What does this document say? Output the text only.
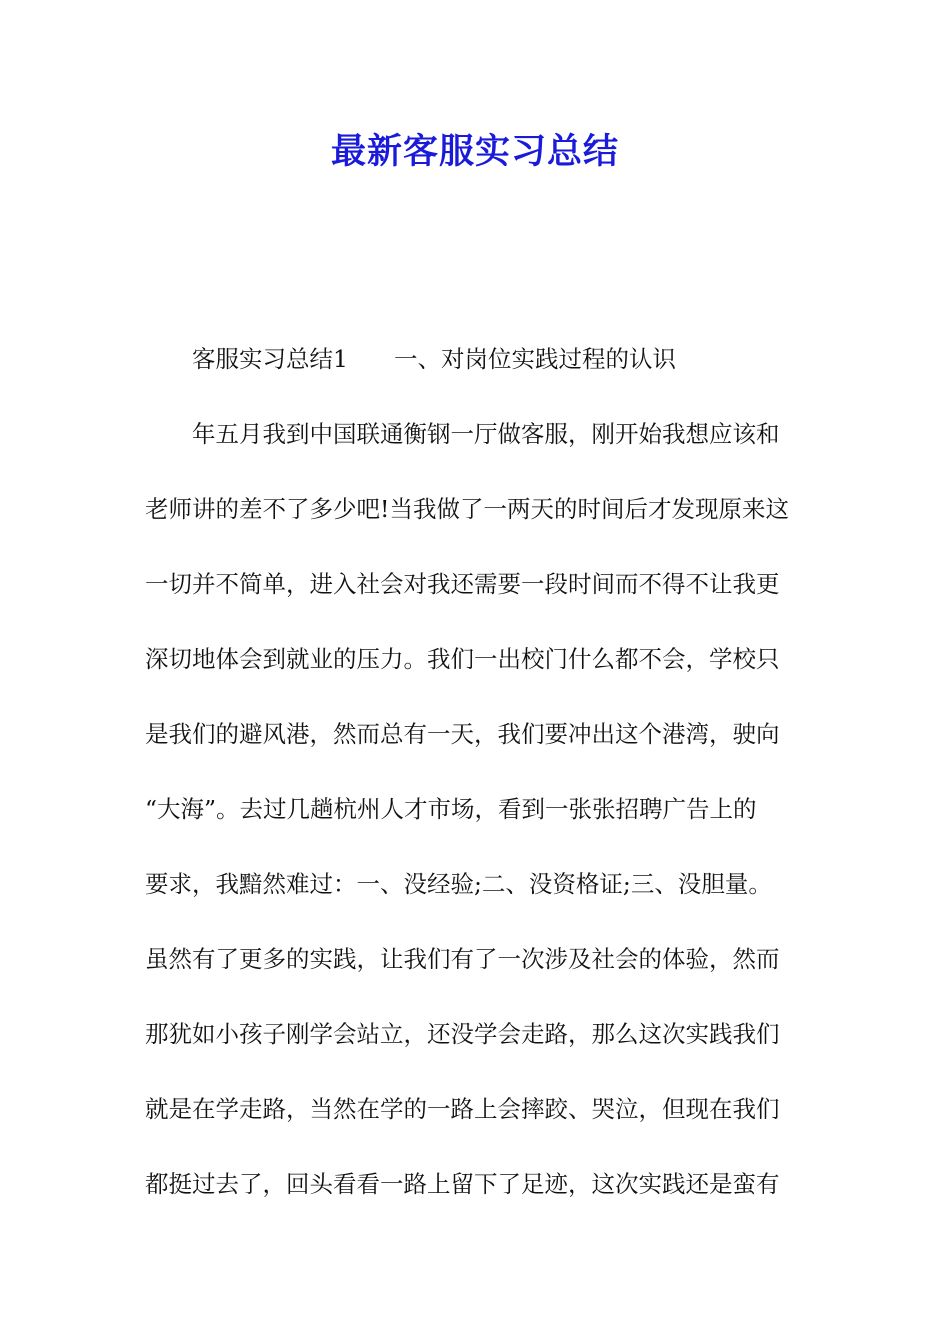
最新客服实习总结
客服实习总结1 一、对岗位实践过程的认识
年五月我到中国联通衡钢一厅做客服，刚开始我想应该和
老师讲的差不了多少吧!当我做了一两天的时间后才发现原来这
一切并不简单，进入社会对我还需要一段时间而不得不让我更
深切地体会到就业的压力。我们一出校门什么都不会，学校只
是我们的避风港，然而总有一天，我们要冲出这个港湾，驶向
“大海”。去过几趟杭州人才市场，看到一张张招聘广告上的
要求，我黯然难过：一、没经验;二、没资格证;三、没胆量。
虽然有了更多的实践，让我们有了一次涉及社会的体验，然而
那犹如小孩子刚学会站立，还没学会走路，那么这次实践我们
就是在学走路，当然在学的一路上会摔跤、哭泣，但现在我们
都挺过去了，回头看看一路上留下了足迹，这次实践还是蛮有
